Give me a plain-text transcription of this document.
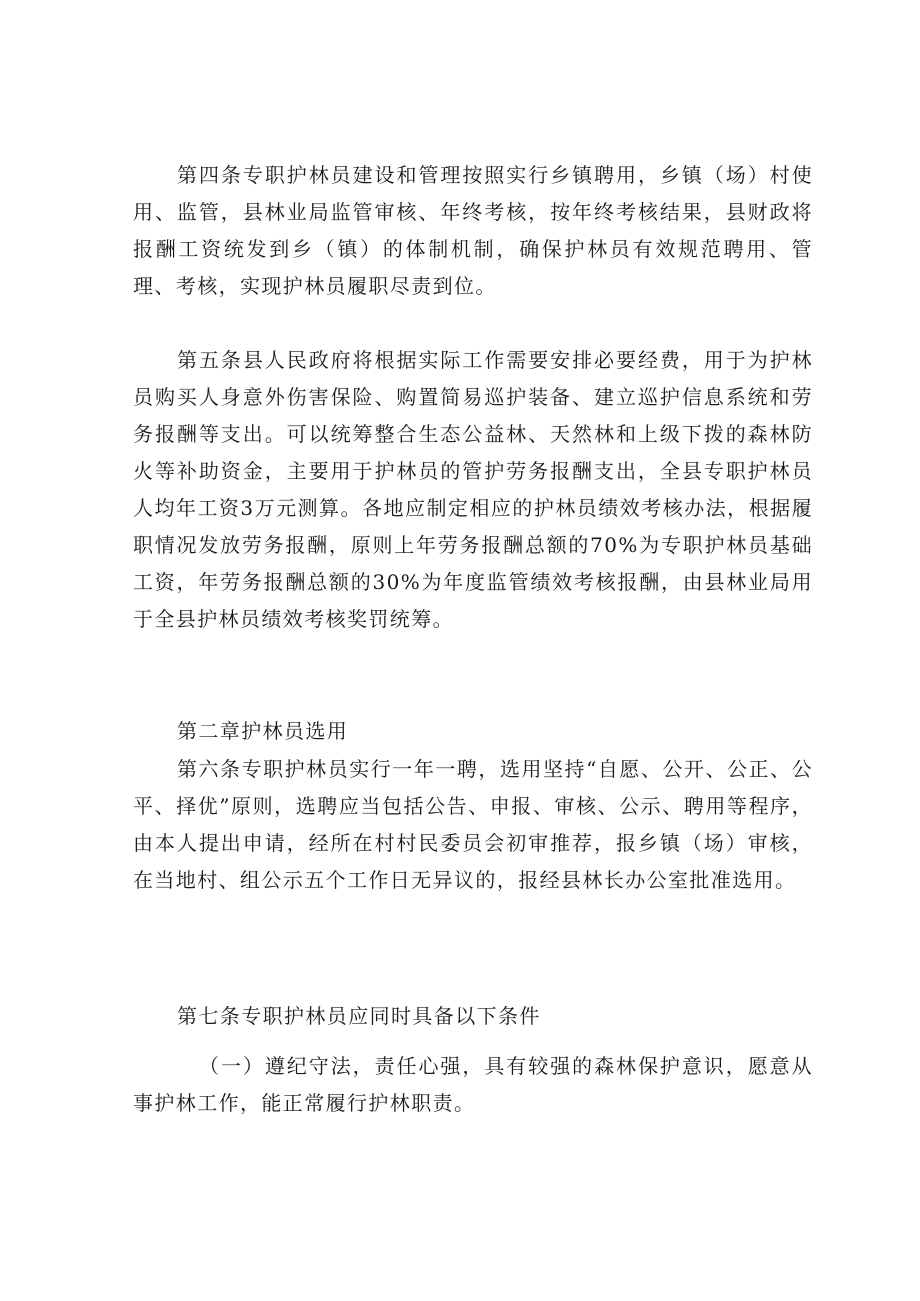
第四条专职护林员建设和管理按照实行乡镇聘用，乡镇（场）村使用、监管，县林业局监管审核、年终考核，按年终考核结果，县财政将报酬工资统发到乡（镇）的体制机制，确保护林员有效规范聘用、管理、考核，实现护林员履职尽责到位。

第五条县人民政府将根据实际工作需要安排必要经费，用于为护林员购买人身意外伤害保险、购置简易巡护装备、建立巡护信息系统和劳务报酬等支出。可以统筹整合生态公益林、天然林和上级下拨的森林防火等补助资金，主要用于护林员的管护劳务报酬支出，全县专职护林员人均年工资3万元测算。各地应制定相应的护林员绩效考核办法，根据履职情况发放劳务报酬，原则上年劳务报酬总额的70%为专职护林员基础工资，年劳务报酬总额的30%为年度监管绩效考核报酬，由县林业局用于全县护林员绩效考核奖罚统筹。

第二章护林员选用

第六条专职护林员实行一年一聘，选用坚持“自愿、公开、公正、公平、择优”原则，选聘应当包括公告、申报、审核、公示、聘用等程序，由本人提出申请，经所在村村民委员会初审推荐，报乡镇（场）审核，在当地村、组公示五个工作日无异议的，报经县林长办公室批准选用。

第七条专职护林员应同时具备以下条件

（一）遵纪守法，责任心强，具有较强的森林保护意识，愿意从事护林工作，能正常履行护林职责。
